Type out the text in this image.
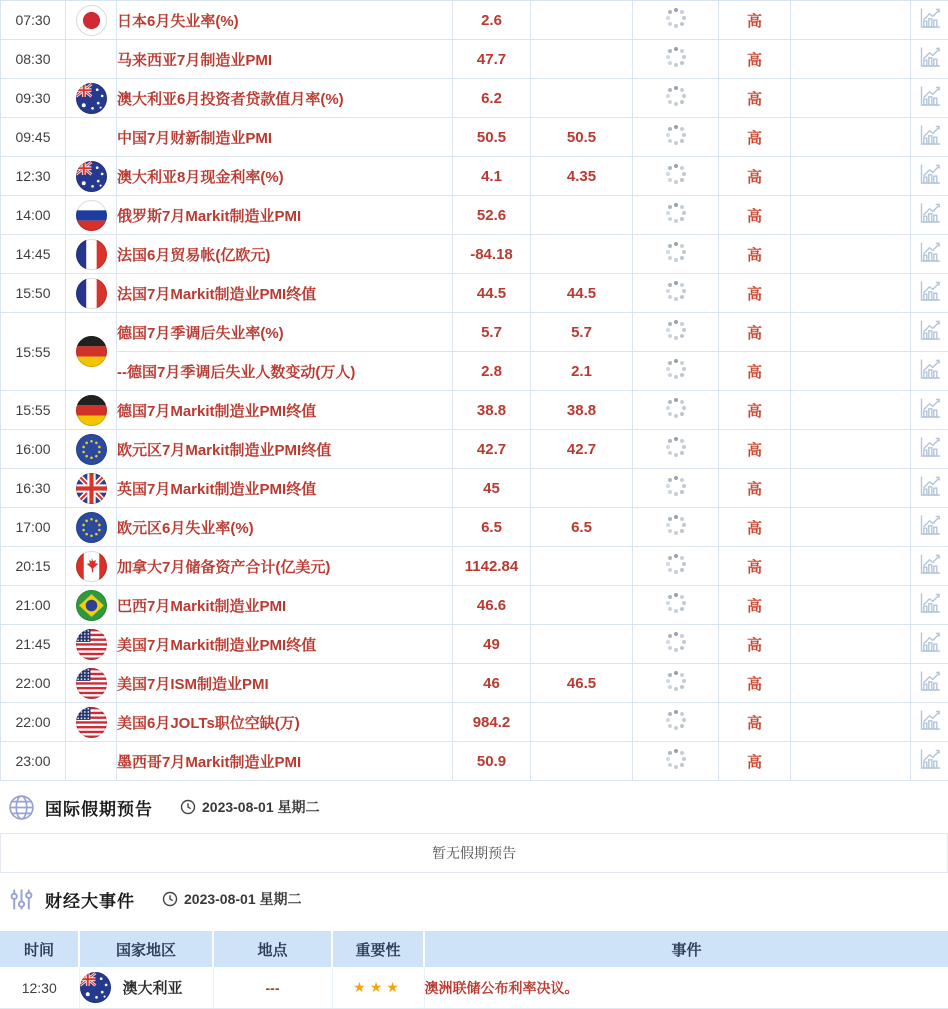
07:30		日本6月失业率(%)	2.6			高		
08:30		马来西亚7月制造业PMI	47.7			高		
09:30		澳大利亚6月投资者贷款值月率(%)	6.2			高		
09:45		中国7月财新制造业PMI	50.5	50.5		高		
12:30		澳大利亚8月现金利率(%)	4.1	4.35		高		
14:00		俄罗斯7月Markit制造业PMI	52.6			高		
14:45		法国6月贸易帐(亿欧元)	-84.18			高		
15:50		法国7月Markit制造业PMI终值	44.5	44.5		高		
15:55		德国7月季调后失业率(%)	5.7	5.7		高		
		--德国7月季调后失业人数变动(万人)	2.8	2.1		高		
15:55		德国7月Markit制造业PMI终值	38.8	38.8		高		
16:00		欧元区7月Markit制造业PMI终值	42.7	42.7		高		
16:30		英国7月Markit制造业PMI终值	45			高		
17:00		欧元区6月失业率(%)	6.5	6.5		高		
20:15		加拿大7月储备资产合计(亿美元)	1142.84			高		
21:00		巴西7月Markit制造业PMI	46.6			高		
21:45		美国7月Markit制造业PMI终值	49			高		
22:00		美国7月ISM制造业PMI	46	46.5		高		
22:00		美国6月JOLTs职位空缺(万)	984.2			高		
23:00		墨西哥7月Markit制造业PMI	50.9			高		
国际假期预告	2023-08-01 星期二
暂无假期预告
财经大事件	2023-08-01 星期二
时间	国家地区	地点	重要性	事件
12:30	澳大利亚	---	★★★	澳洲联储公布利率决议。
